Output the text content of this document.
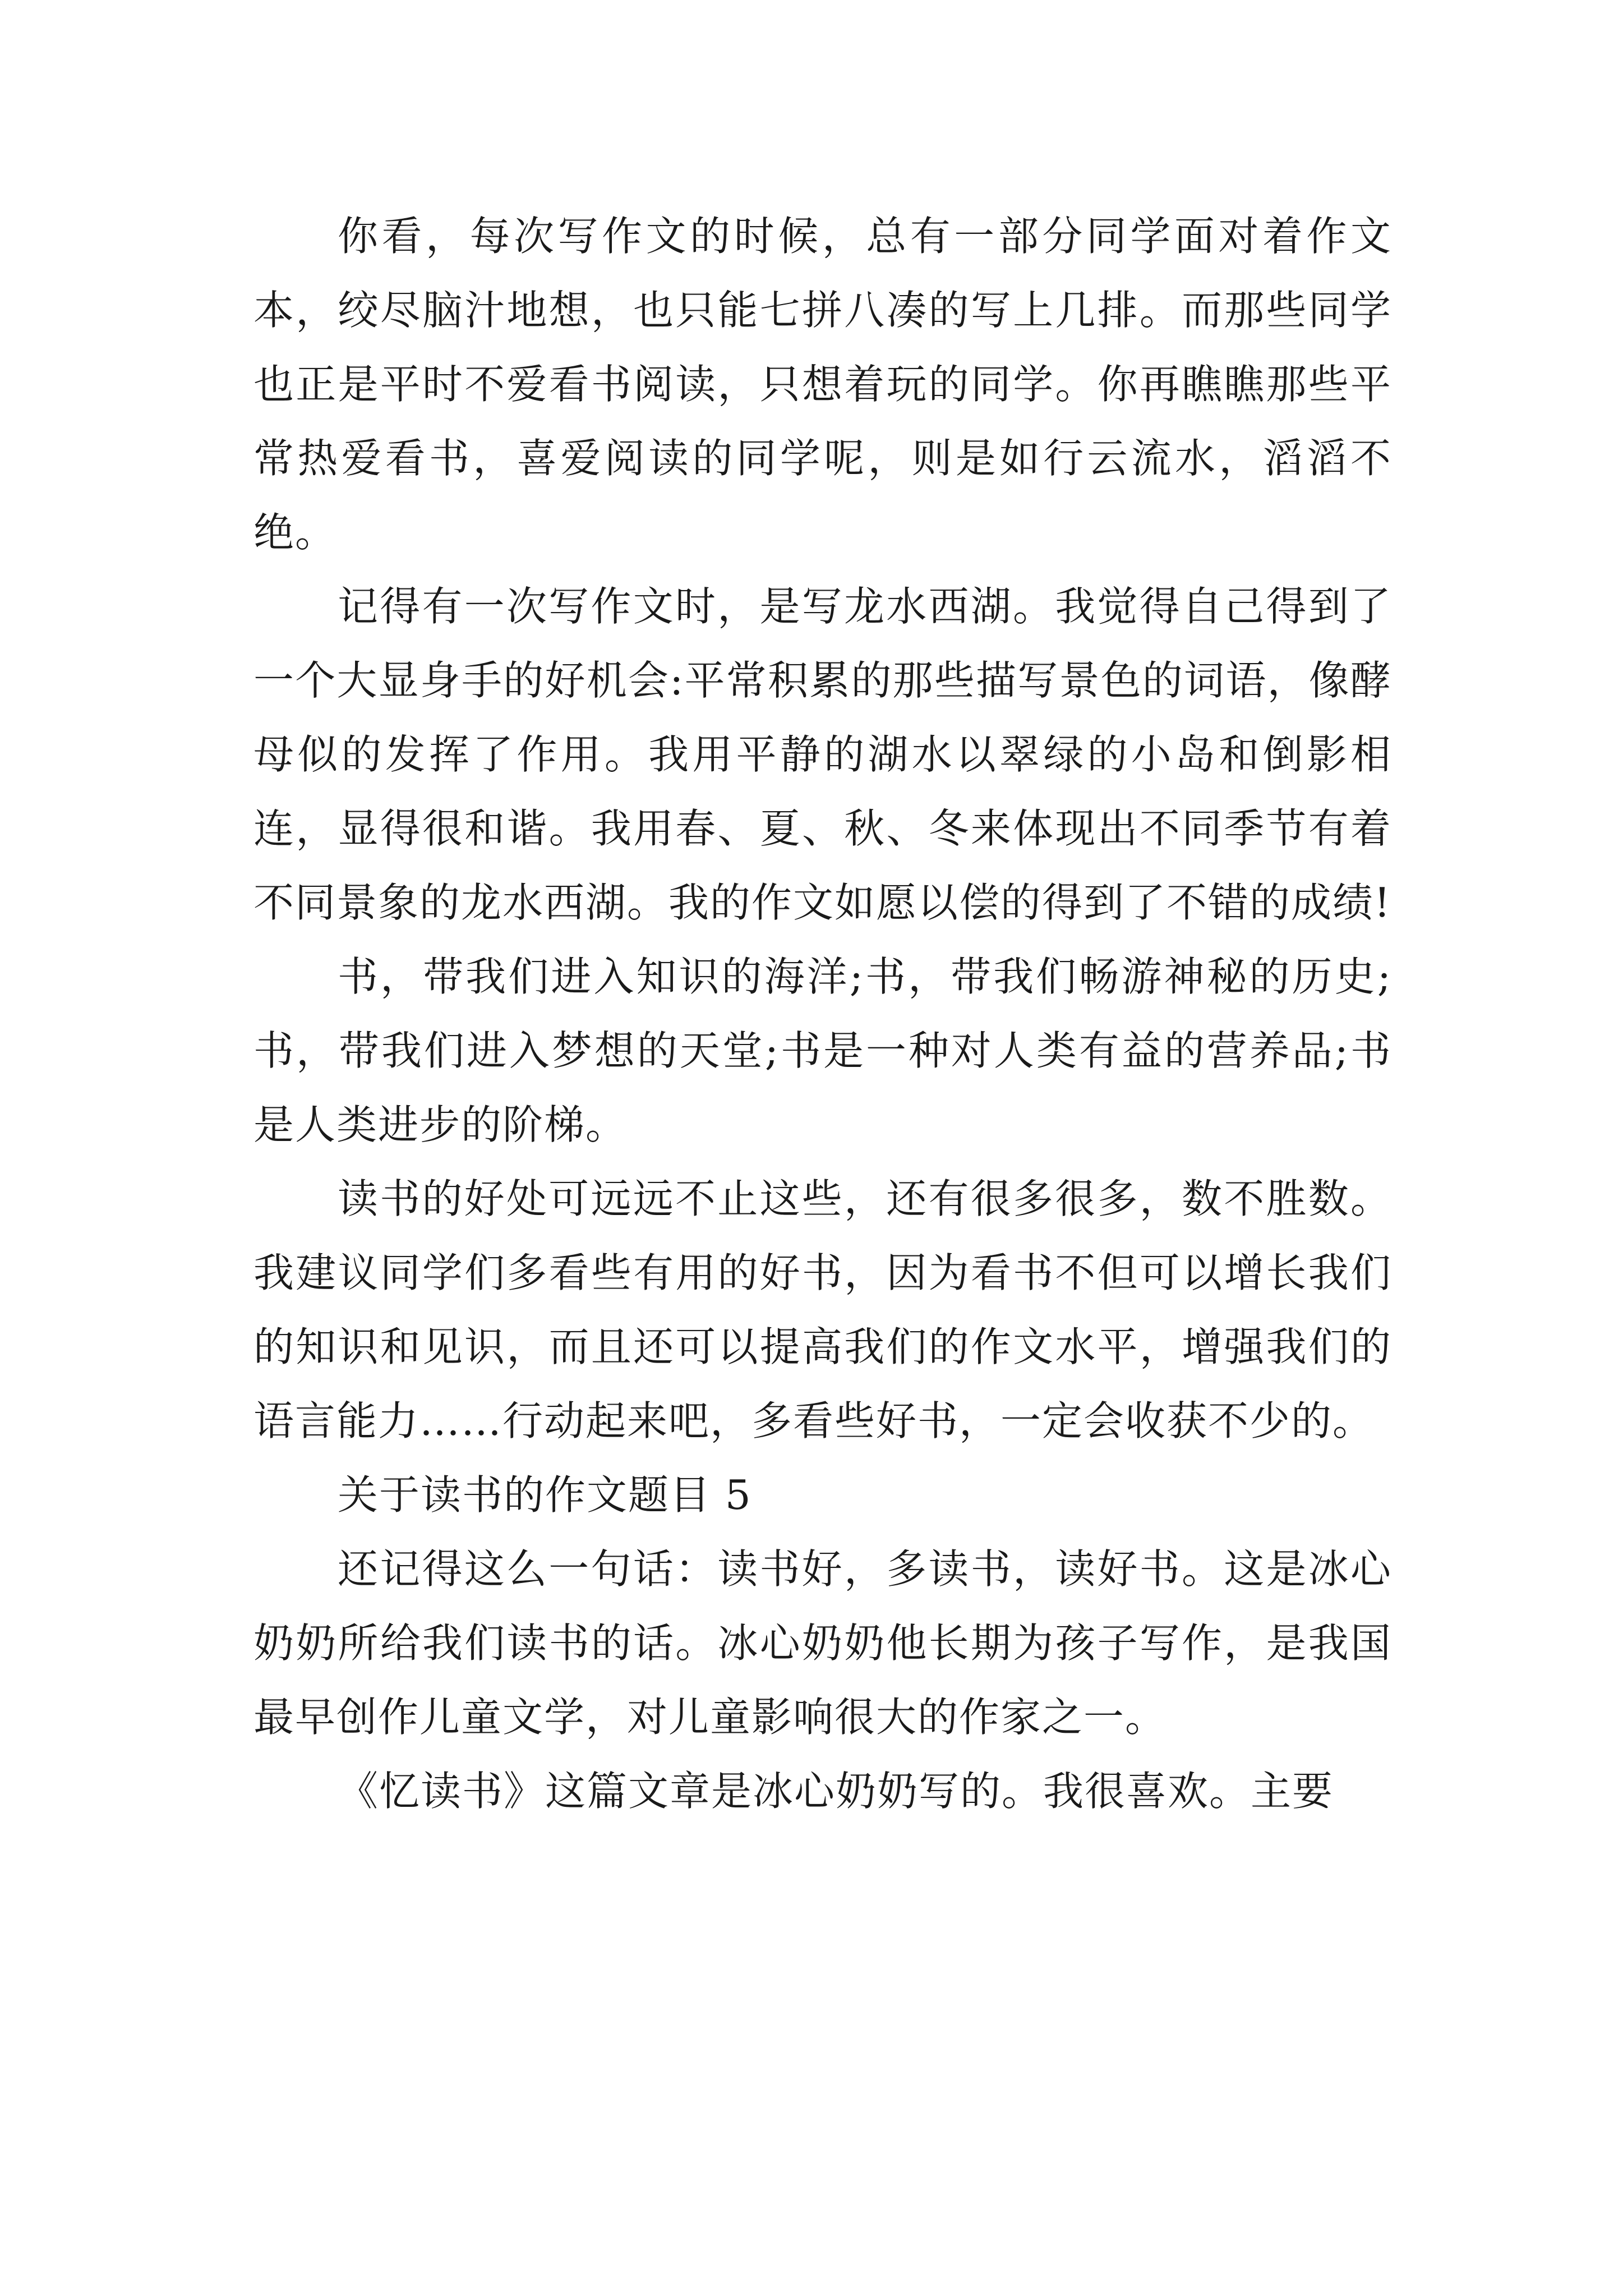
你看，每次写作文的时候，总有一部分同学面对着作文本，绞尽脑汁地想，也只能七拼八凑的写上几排。而那些同学也正是平时不爱看书阅读，只想着玩的同学。你再瞧瞧那些平常热爱看书，喜爱阅读的同学呢，则是如行云流水，滔滔不绝。

记得有一次写作文时，是写龙水西湖。我觉得自己得到了一个大显身手的好机会:平常积累的那些描写景色的词语，像酵母似的发挥了作用。我用平静的湖水以翠绿的小岛和倒影相连，显得很和谐。我用春、夏、秋、冬来体现出不同季节有着不同景象的龙水西湖。我的作文如愿以偿的得到了不错的成绩!

书，带我们进入知识的海洋;书，带我们畅游神秘的历史;书，带我们进入梦想的天堂;书是一种对人类有益的营养品;书是人类进步的阶梯。

读书的好处可远远不止这些，还有很多很多，数不胜数。我建议同学们多看些有用的好书，因为看书不但可以增长我们的知识和见识，而且还可以提高我们的作文水平，增强我们的语言能力……行动起来吧，多看些好书，一定会收获不少的。

关于读书的作文题目 5

还记得这么一句话：读书好，多读书，读好书。这是冰心奶奶所给我们读书的话。冰心奶奶他长期为孩子写作，是我国最早创作儿童文学，对儿童影响很大的作家之一。

《忆读书》这篇文章是冰心奶奶写的。我很喜欢。主要
